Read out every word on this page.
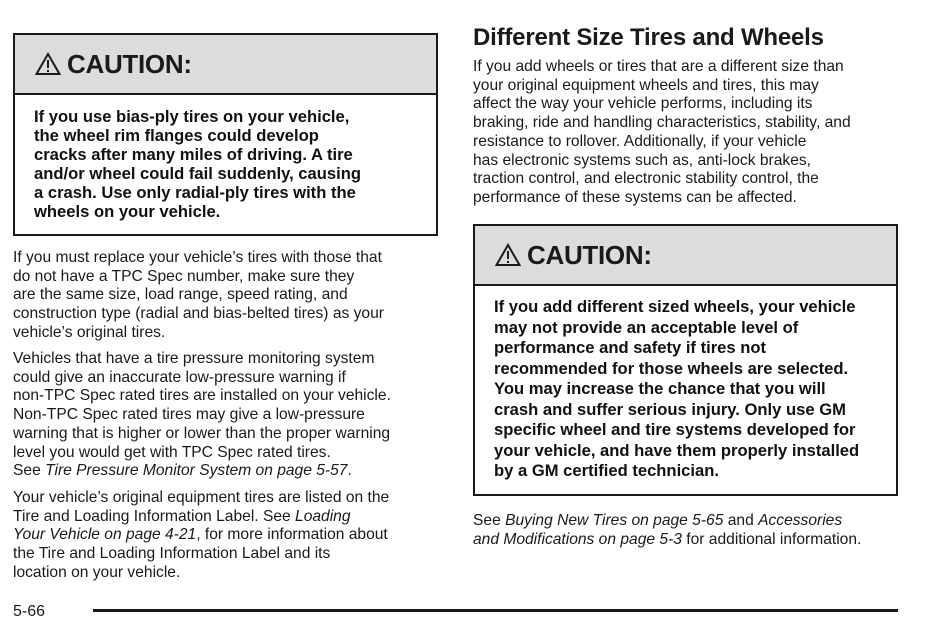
CAUTION:
If you use bias-ply tires on your vehicle,
the wheel rim flanges could develop
cracks after many miles of driving. A tire
and/or wheel could fail suddenly, causing
a crash. Use only radial-ply tires with the
wheels on your vehicle.
If you must replace your vehicle’s tires with those that
do not have a TPC Spec number, make sure they
are the same size, load range, speed rating, and
construction type (radial and bias-belted tires) as your
vehicle’s original tires.
Vehicles that have a tire pressure monitoring system
could give an inaccurate low-pressure warning if
non-TPC Spec rated tires are installed on your vehicle.
Non-TPC Spec rated tires may give a low-pressure
warning that is higher or lower than the proper warning
level you would get with TPC Spec rated tires.
See Tire Pressure Monitor System on page 5-57.
Your vehicle’s original equipment tires are listed on the
Tire and Loading Information Label. See Loading
Your Vehicle on page 4-21, for more information about
the Tire and Loading Information Label and its
location on your vehicle.
Different Size Tires and Wheels
If you add wheels or tires that are a different size than
your original equipment wheels and tires, this may
affect the way your vehicle performs, including its
braking, ride and handling characteristics, stability, and
resistance to rollover. Additionally, if your vehicle
has electronic systems such as, anti-lock brakes,
traction control, and electronic stability control, the
performance of these systems can be affected.
CAUTION:
If you add different sized wheels, your vehicle
may not provide an acceptable level of
performance and safety if tires not
recommended for those wheels are selected.
You may increase the chance that you will
crash and suffer serious injury. Only use GM
specific wheel and tire systems developed for
your vehicle, and have them properly installed
by a GM certified technician.
See Buying New Tires on page 5-65 and Accessories
and Modifications on page 5-3 for additional information.
5-66
